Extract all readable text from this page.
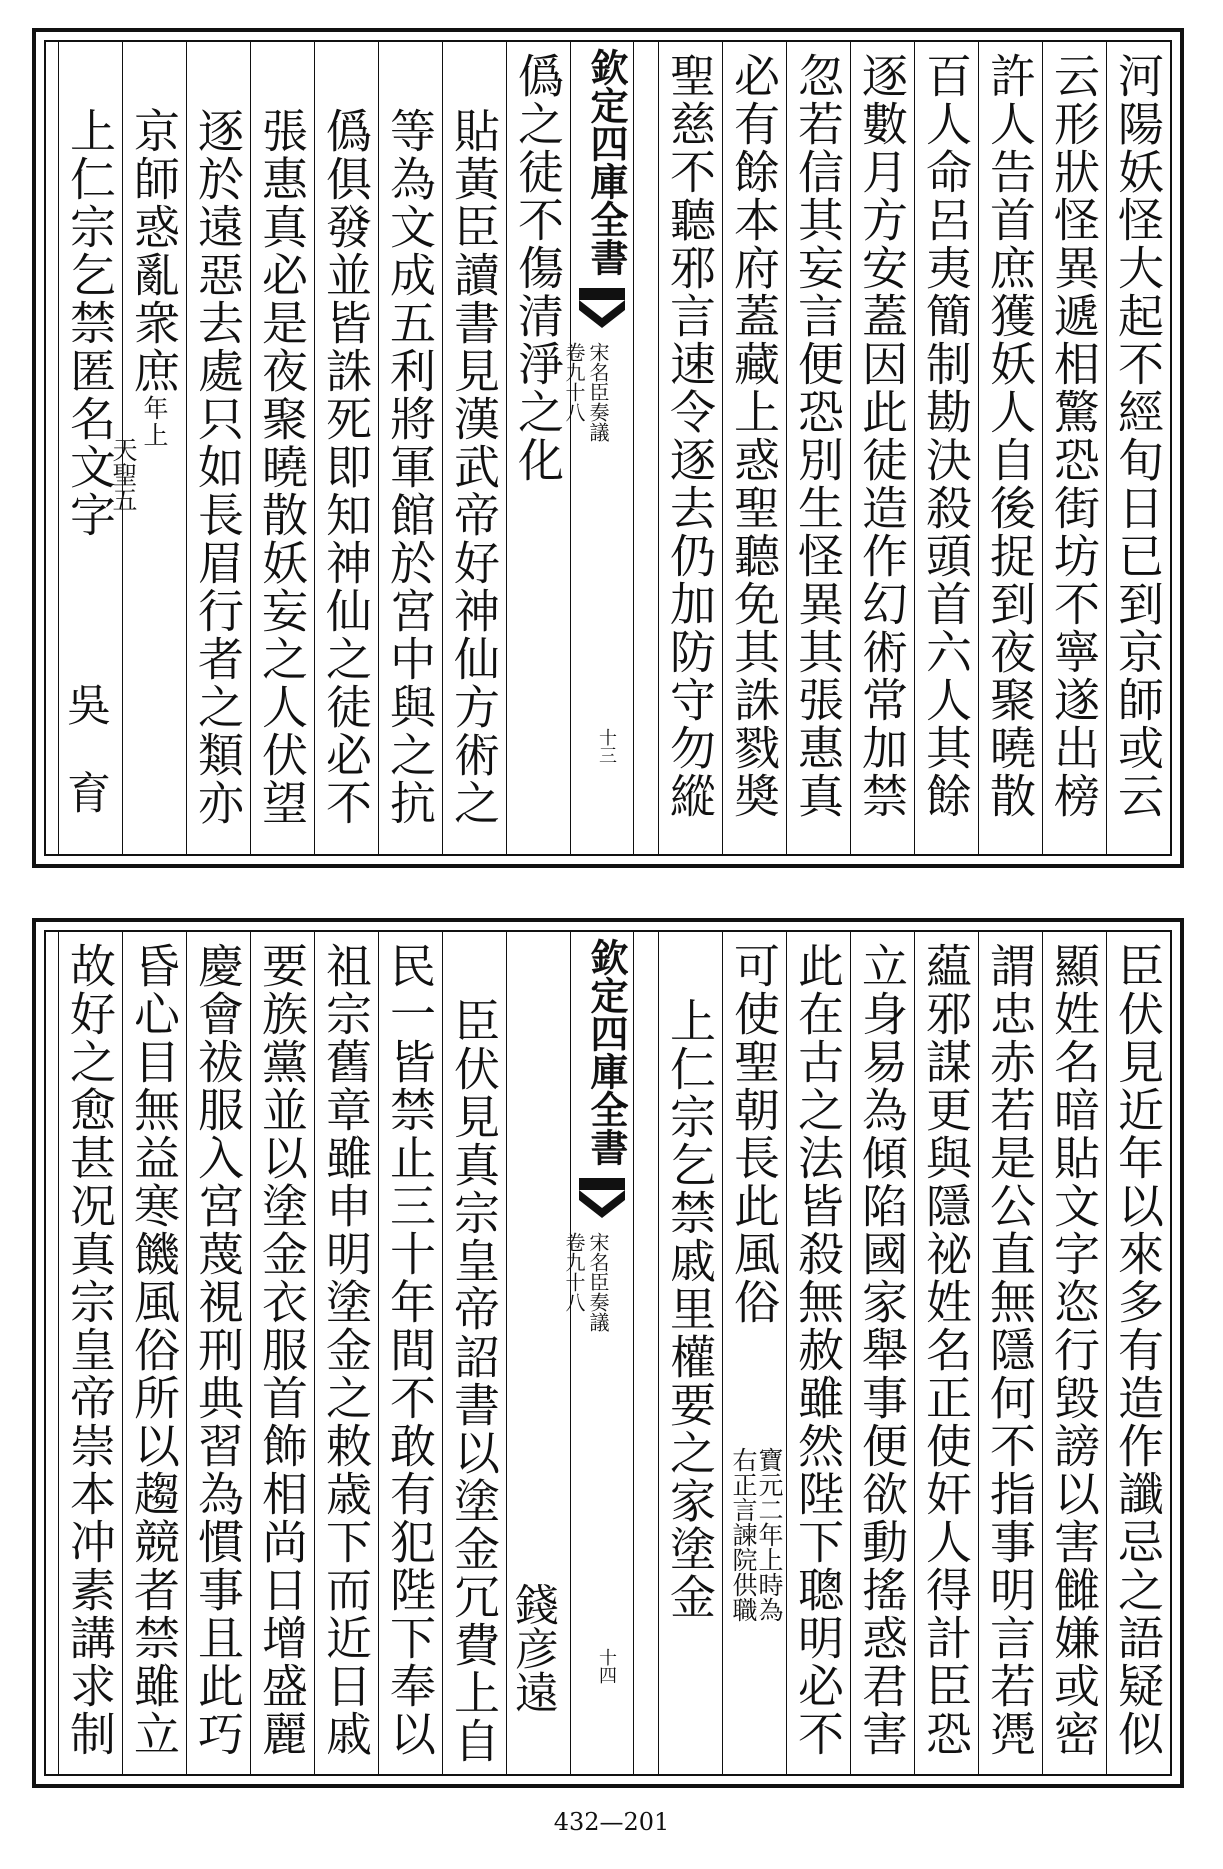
河陽妖怪大起不經旬日已到京師或云
云形狀怪異遞相驚恐街坊不寧遂出榜
許人告首庶獲妖人自後捉到夜聚曉散
百人命呂夷簡制勘決殺頭首六人其餘
逐數月方安蓋因此徒造作幻術常加禁
忽若信其妄言便恐別生怪異其張惠真
必有餘本府蓋藏上惑聖聽免其誅戮奬
聖慈不聽邪言速令逐去仍加防守勿縱
欽定四庫全書
宋名臣奏議
卷九十八
十三
僞之徒不傷清淨之化
貼黃臣讀書見漢武帝好神仙方術之
等為文成五利將軍館於宮中與之抗
僞俱發並皆誅死即知神仙之徒必不
張惠真必是夜聚曉散妖妄之人伏望
逐於遠惡去處只如長眉行者之類亦
京師惑亂衆庶年上
天聖五
上仁宗乞禁匿名文字
吳　育
臣伏見近年以來多有造作讖忌之語疑似
顯姓名暗貼文字恣行毀謗以害雠嫌或密
謂忠赤若是公直無隱何不指事明言若凴
藴邪謀更與隱祕姓名正使奸人得計臣恐
立身易為傾陷國家舉事便欲動搖惑君害
此在古之法皆殺無赦雖然陛下聰明必不
可使聖朝長此風俗
寶元二年上時為
右正言諫院供職
上仁宗乞禁戚里權要之家塗金
欽定四庫全書
宋名臣奏議
卷九十八
十四
錢彦遠
臣伏見真宗皇帝詔書以塗金冗費上自
民一皆禁止三十年間不敢有犯陛下奉以
祖宗舊章雖申明塗金之敕歳下而近日戚
要族黨並以塗金衣服首飾相尚日增盛麗
慶會祓服入宮蔑視刑典習為慣事且此巧
昏心目無益寒饑風俗所以趨競者禁雖立
故好之愈甚况真宗皇帝崇本冲素講求制
432—201
